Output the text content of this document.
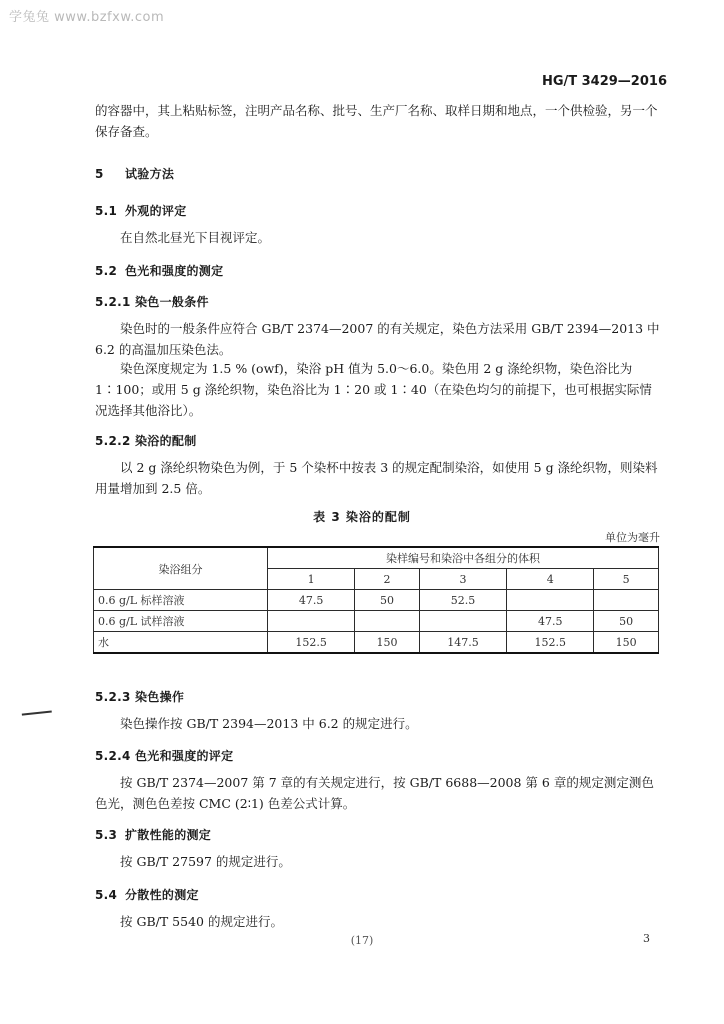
学兔兔 www.bzfxw.com
HG/T 3429—2016
的容器中，其上粘贴标签，注明产品名称、批号、生产厂名称、取样日期和地点，一个供检验，另一个保存备查。
5 试验方法
5.1 外观的评定
在自然北昼光下目视评定。
5.2 色光和强度的测定
5.2.1 染色一般条件
染色时的一般条件应符合 GB/T 2374—2007 的有关规定，染色方法采用 GB/T 2394—2013 中 6.2 的高温加压染色法。
染色深度规定为 1.5 % (owf)，染浴 pH 值为 5.0～6.0。染色用 2 g 涤纶织物，染色浴比为 1∶100；或用 5 g 涤纶织物，染色浴比为 1∶20 或 1∶40（在染色均匀的前提下，也可根据实际情况选择其他浴比）。
5.2.2 染浴的配制
以 2 g 涤纶织物染色为例，于 5 个染杯中按表 3 的规定配制染浴，如使用 5 g 涤纶织物，则染料用量增加到 2.5 倍。
表 3 染浴的配制
单位为毫升
染浴组分	染样编号和染浴中各组分的体积				
	1	2	3	4	5
0.6 g/L 标样溶液	47.5	50	52.5		
0.6 g/L 试样溶液				47.5	50
水	152.5	150	147.5	152.5	150
5.2.3 染色操作
染色操作按 GB/T 2394—2013 中 6.2 的规定进行。
5.2.4 色光和强度的评定
按 GB/T 2374—2007 第 7 章的有关规定进行，按 GB/T 6688—2008 第 6 章的规定测定测色色光，测色色差按 CMC (2∶1) 色差公式计算。
5.3 扩散性能的测定
按 GB/T 27597 的规定进行。
5.4 分散性的测定
按 GB/T 5540 的规定进行。
(17)	3
